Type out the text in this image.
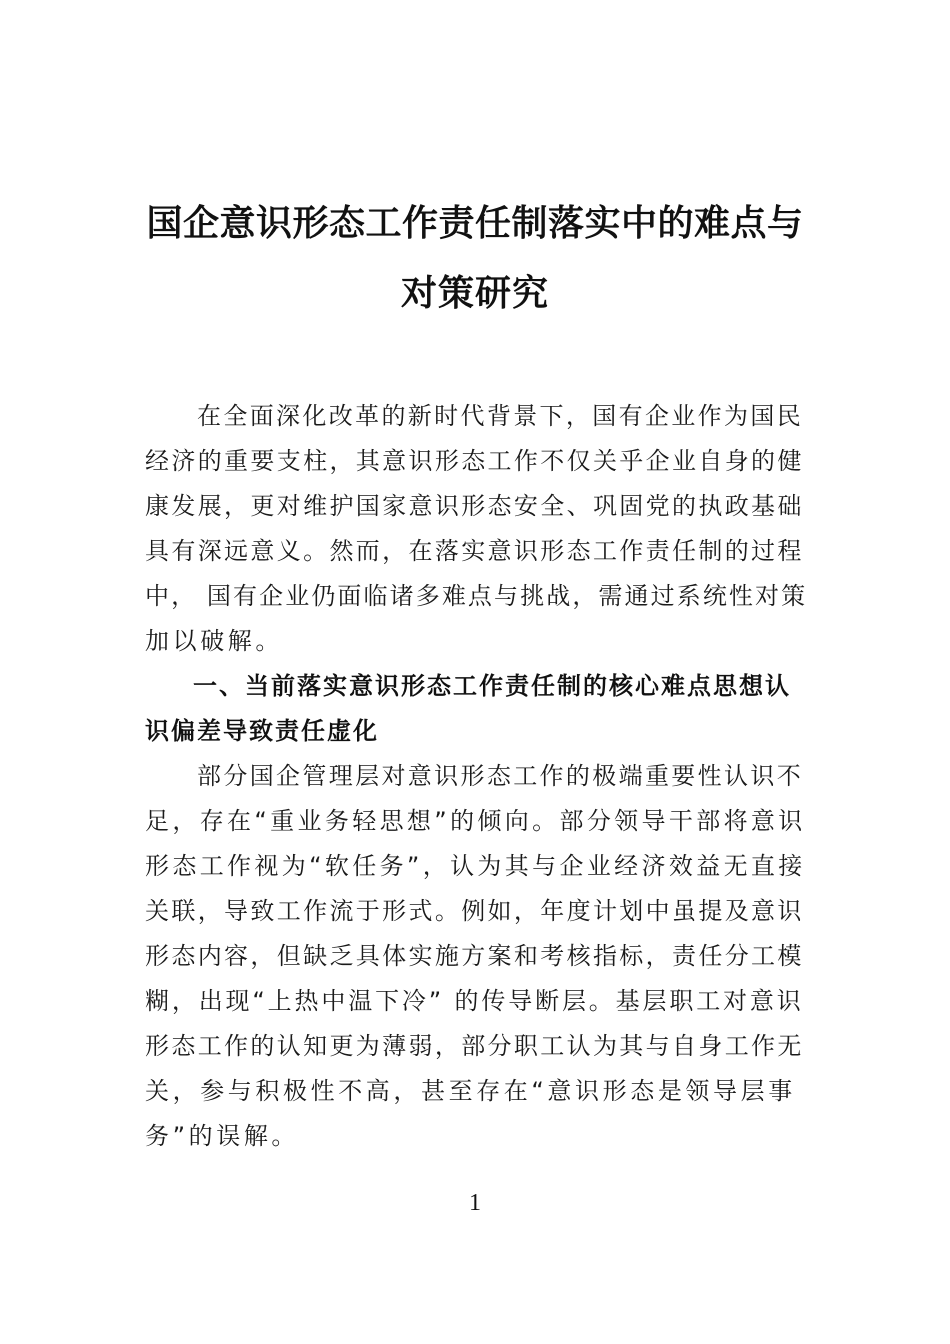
国企意识形态工作责任制落实中的难点与
对策研究

在全面深化改革的新时代背景下，国有企业作为国民
经济的重要支柱，其意识形态工作不仅关乎企业自身的健
康发展，更对维护国家意识形态安全、巩固党的执政基础
具有深远意义。然而，在落实意识形态工作责任制的过程
中， 国有企业仍面临诸多难点与挑战，需通过系统性对策
加以破解。

一、当前落实意识形态工作责任制的核心难点思想认
识偏差导致责任虚化

部分国企管理层对意识形态工作的极端重要性认识不
足，存在“重业务轻思想”的倾向。部分领导干部将意识
形态工作视为“软任务”，认为其与企业经济效益无直接
关联，导致工作流于形式。例如，年度计划中虽提及意识
形态内容，但缺乏具体实施方案和考核指标，责任分工模
糊，出现“上热中温下冷” 的传导断层。基层职工对意识
形态工作的认知更为薄弱，部分职工认为其与自身工作无
关，参与积极性不高，甚至存在“意识形态是领导层事
务”的误解。

1
